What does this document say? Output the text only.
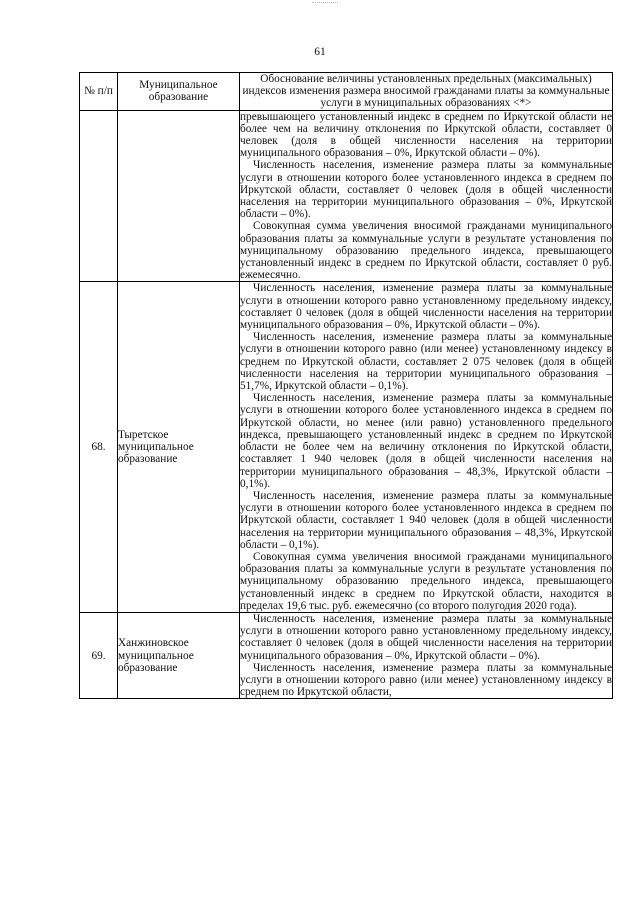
61
№ п/п	Муниципальное образование	Обоснование величины установленных предельных (максимальных) индексов изменения размера вносимой гражданами платы за коммунальные услуги в муниципальных образованиях <*>

		превышающего установленный индекс в среднем по Иркутской области не более чем на величину отклонения по Иркутской области, составляет 0 человек (доля в общей численности населения на территории муниципального образования – 0%, Иркутской области – 0%).

Численность населения, изменение размера платы за коммунальные услуги в отношении которого более установленного индекса в среднем по Иркутской области, составляет 0 человек (доля в общей численности населения на территории муниципального образования – 0%, Иркутской области – 0%).

Совокупная сумма увеличения вносимой гражданами муниципального образования платы за коммунальные услуги в результате установления по муниципальному образованию предельного индекса, превышающего установленный индекс в среднем по Иркутской области, составляет 0 руб. ежемесячно.

68.	Тыретское муниципальное образование	Численность населения, изменение размера платы за коммунальные услуги в отношении которого равно установленному предельному индексу, составляет 0 человек (доля в общей численности населения на территории муниципального образования – 0%, Иркутской области – 0%).

Численность населения, изменение размера платы за коммунальные услуги в отношении которого равно (или менее) установленному индексу в среднем по Иркутской области, составляет 2 075 человек (доля в общей численности населения на территории муниципального образования – 51,7%, Иркутской области – 0,1%).

Численность населения, изменение размера платы за коммунальные услуги в отношении которого более установленного индекса в среднем по Иркутской области, но менее (или равно) установленного предельного индекса, превышающего установленный индекс в среднем по Иркутской области не более чем на величину отклонения по Иркутской области, составляет 1 940 человек (доля в общей численности населения на территории муниципального образования – 48,3%, Иркутской области – 0,1%).

Численность населения, изменение размера платы за коммунальные услуги в отношении которого более установленного индекса в среднем по Иркутской области, составляет 1 940 человек (доля в общей численности населения на территории муниципального образования – 48,3%, Иркутской области – 0,1%).

Совокупная сумма увеличения вносимой гражданами муниципального образования платы за коммунальные услуги в результате установления по муниципальному образованию предельного индекса, превышающего установленный индекс в среднем по Иркутской области, находится в пределах 19,6 тыс. руб. ежемесячно (со второго полугодия 2020 года).

69.	Ханжиновское муниципальное образование	Численность населения, изменение размера платы за коммунальные услуги в отношении которого равно установленному предельному индексу, составляет 0 человек (доля в общей численности населения на территории муниципального образования – 0%, Иркутской области – 0%).

Численность населения, изменение размера платы за коммунальные услуги в отношении которого равно (или менее) установленному индексу в среднем по Иркутской области,
